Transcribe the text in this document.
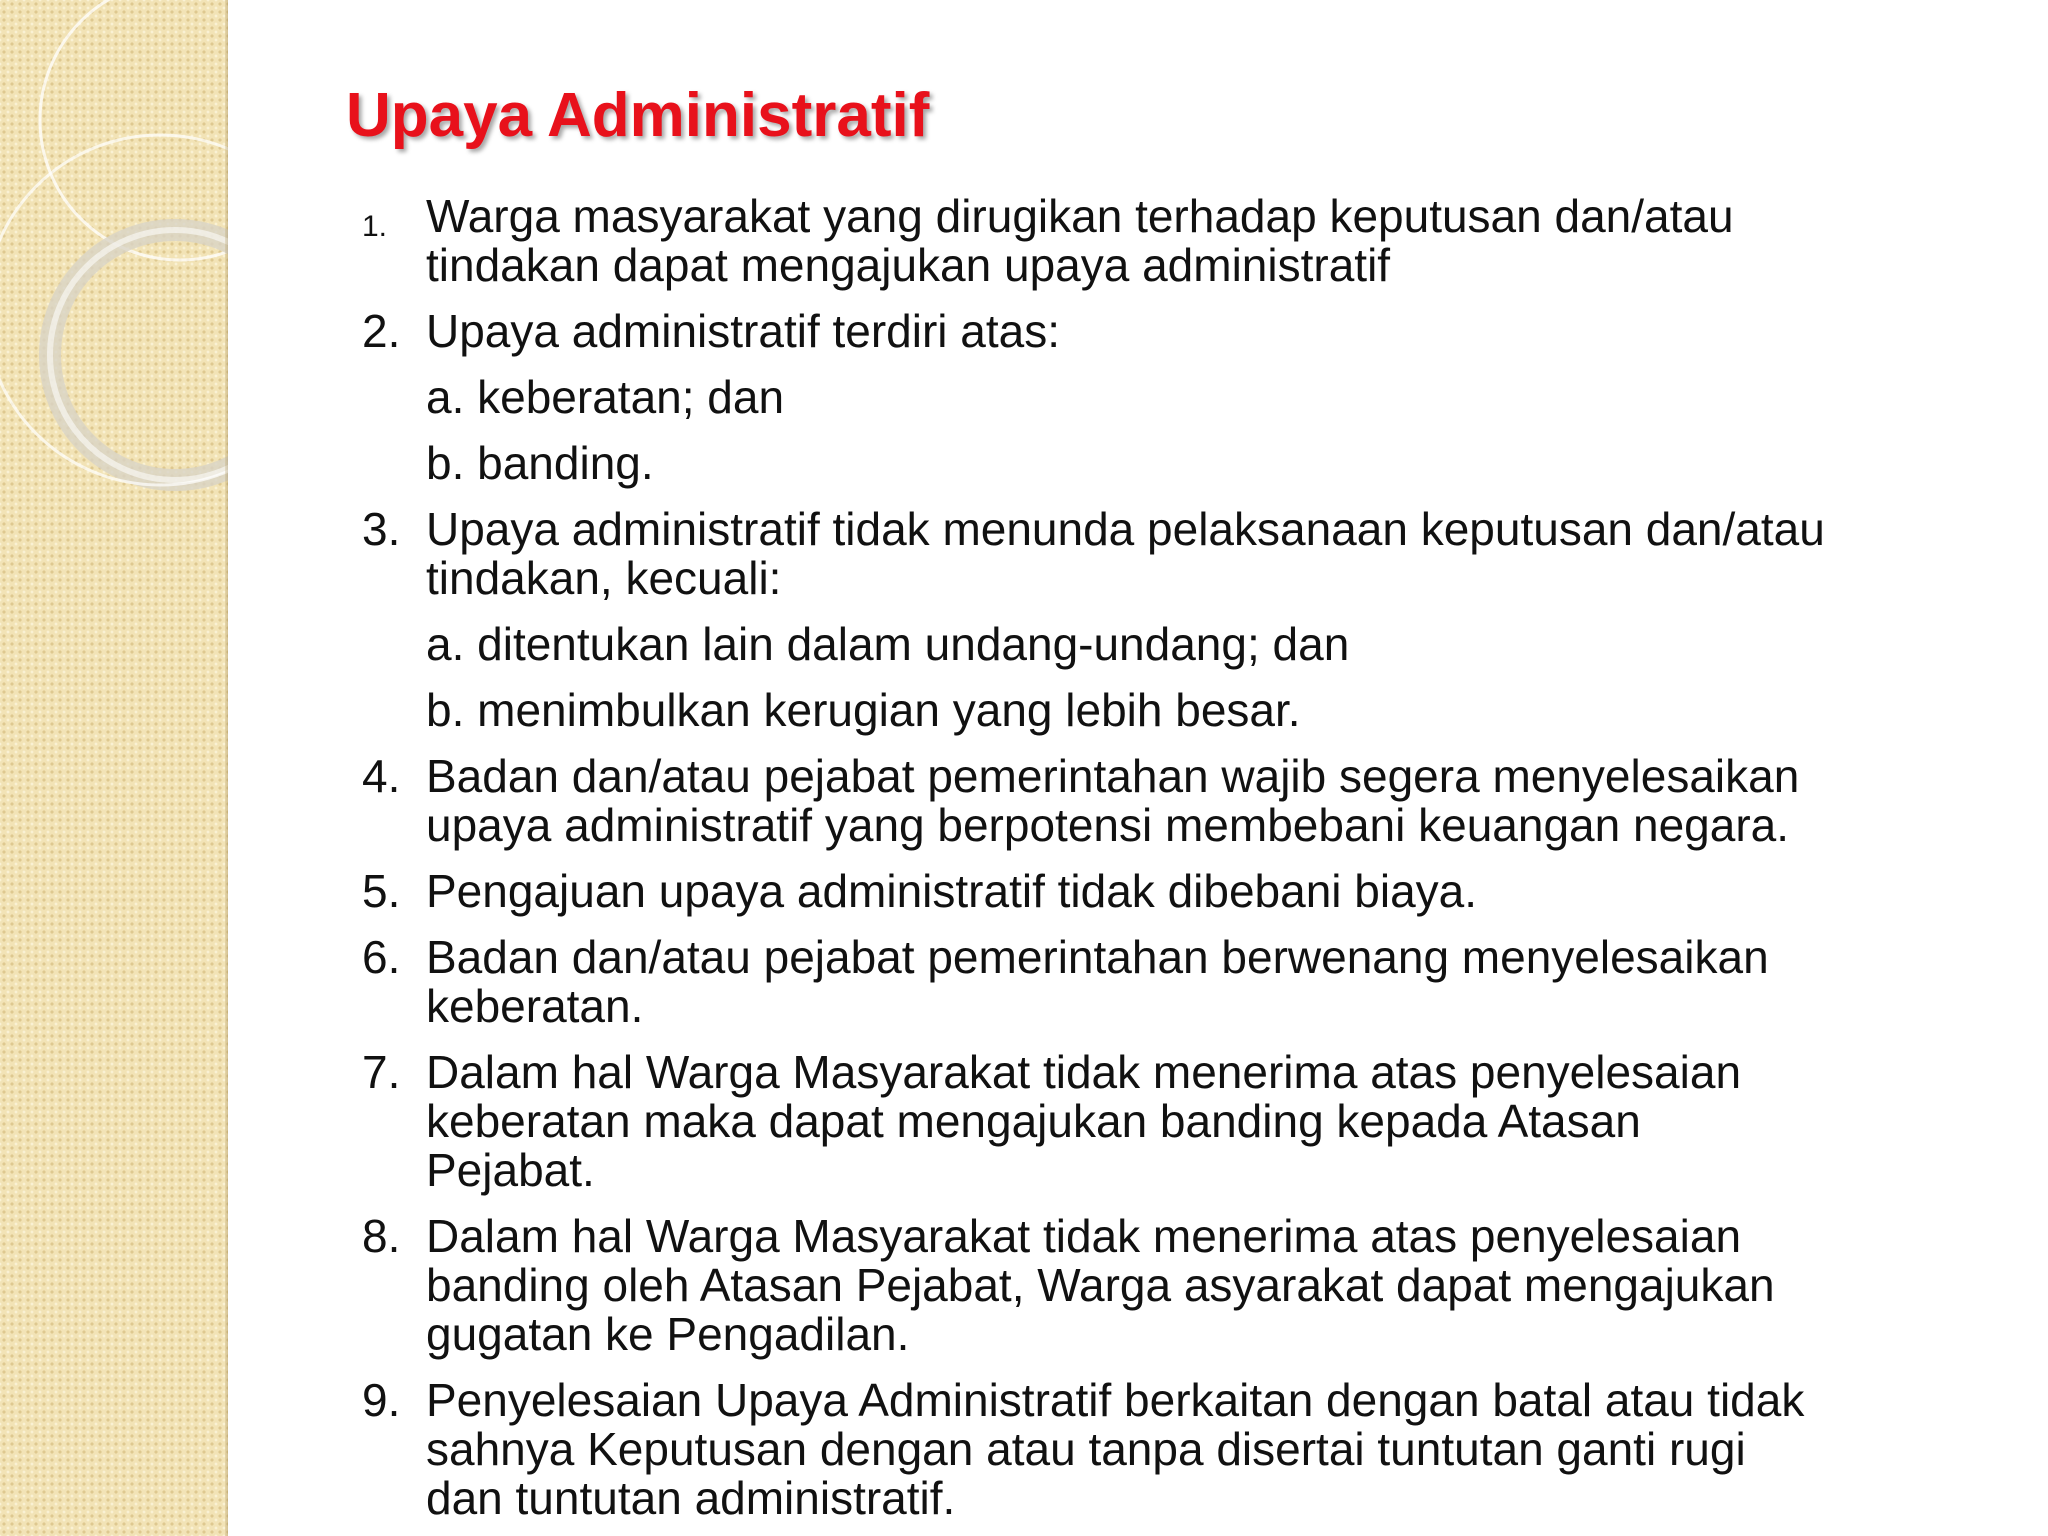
Upaya Administratif
1. Warga masyarakat yang dirugikan terhadap keputusan dan/atau
tindakan dapat mengajukan upaya administratif
2. Upaya administratif terdiri atas:
a. keberatan; dan
b. banding.
3. Upaya administratif tidak menunda pelaksanaan keputusan dan/atau
tindakan, kecuali:
a. ditentukan lain dalam undang-undang; dan
b. menimbulkan kerugian yang lebih besar.
4. Badan dan/atau pejabat pemerintahan wajib segera menyelesaikan
upaya administratif yang berpotensi membebani keuangan negara.
5. Pengajuan upaya administratif tidak dibebani biaya.
6. Badan dan/atau pejabat pemerintahan berwenang menyelesaikan
keberatan.
7. Dalam hal Warga Masyarakat tidak menerima atas penyelesaian
keberatan maka dapat mengajukan banding kepada Atasan
Pejabat.
8. Dalam hal Warga Masyarakat tidak menerima atas penyelesaian
banding oleh Atasan Pejabat, Warga asyarakat dapat mengajukan
gugatan ke Pengadilan.
9. Penyelesaian Upaya Administratif berkaitan dengan batal atau tidak
sahnya Keputusan dengan atau tanpa disertai tuntutan ganti rugi
dan tuntutan administratif.
